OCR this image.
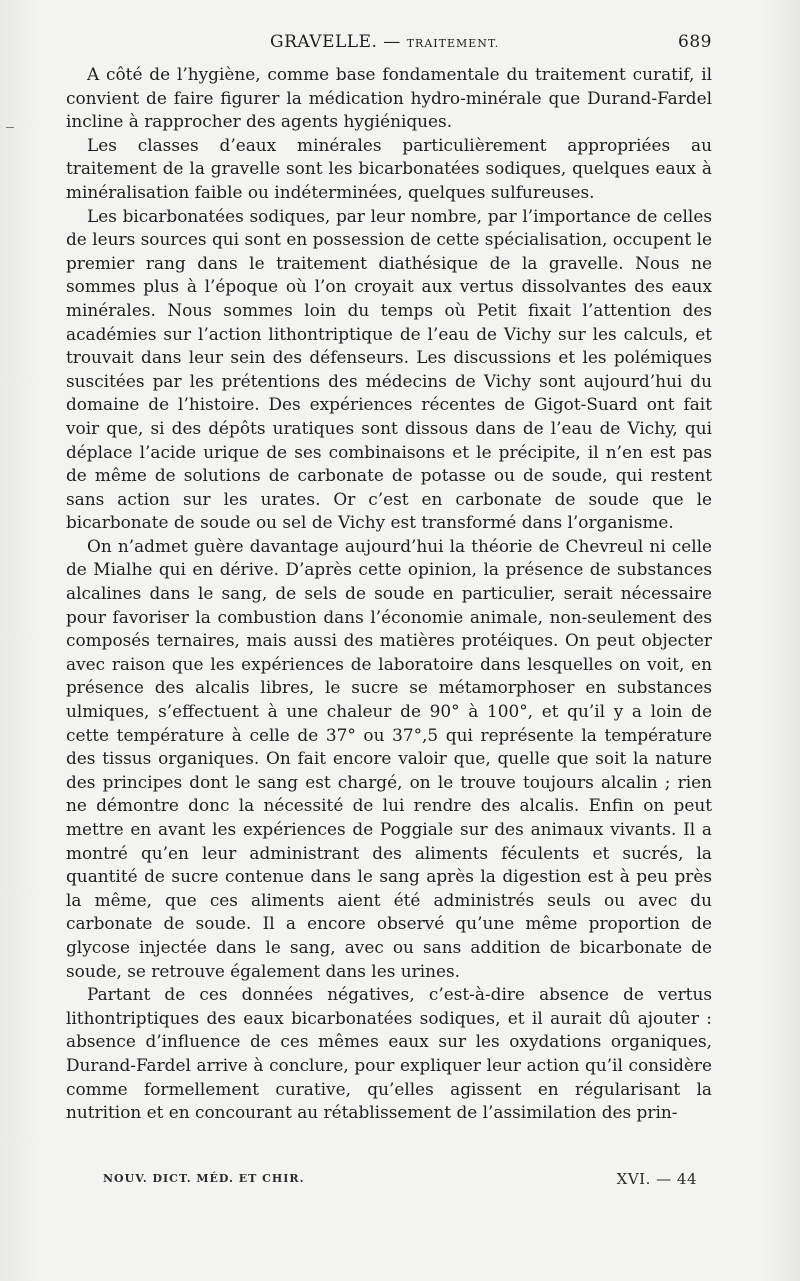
GRAVELLE. — TRAITEMENT.	689

A côté de l’hygiène, comme base fondamentale du traitement curatif, il convient de faire figurer la médication hydro-minérale que Durand-Fardel incline à rapprocher des agents hygiéniques.

Les classes d’eaux minérales particulièrement appropriées au traitement de la gravelle sont les bicarbonatées sodiques, quelques eaux à minéralisation faible ou indéterminées, quelques sulfureuses.

Les bicarbonatées sodiques, par leur nombre, par l’importance de celles de leurs sources qui sont en possession de cette spécialisation, occupent le premier rang dans le traitement diathésique de la gravelle. Nous ne sommes plus à l’époque où l’on croyait aux vertus dissolvantes des eaux minérales. Nous sommes loin du temps où Petit fixait l’attention des académies sur l’action lithontriptique de l’eau de Vichy sur les calculs, et trouvait dans leur sein des défenseurs. Les discussions et les polémiques suscitées par les prétentions des médecins de Vichy sont aujourd’hui du domaine de l’histoire. Des expériences récentes de Gigot-Suard ont fait voir que, si des dépôts uratiques sont dissous dans de l’eau de Vichy, qui déplace l’acide urique de ses combinaisons et le précipite, il n’en est pas de même de solutions de carbonate de potasse ou de soude, qui restent sans action sur les urates. Or c’est en carbonate de soude que le bicarbonate de soude ou sel de Vichy est transformé dans l’organisme.

On n’admet guère davantage aujourd’hui la théorie de Chevreul ni celle de Mialhe qui en dérive. D’après cette opinion, la présence de substances alcalines dans le sang, de sels de soude en particulier, serait nécessaire pour favoriser la combustion dans l’économie animale, non-seulement des composés ternaires, mais aussi des matières protéiques. On peut objecter avec raison que les expériences de laboratoire dans lesquelles on voit, en présence des alcalis libres, le sucre se métamorphoser en substances ulmiques, s’effectuent à une chaleur de 90° à 100°, et qu’il y a loin de cette température à celle de 37° ou 37°,5 qui représente la température des tissus organiques. On fait encore valoir que, quelle que soit la nature des principes dont le sang est chargé, on le trouve toujours alcalin ; rien ne démontre donc la nécessité de lui rendre des alcalis. Enfin on peut mettre en avant les expériences de Poggiale sur des animaux vivants. Il a montré qu’en leur administrant des aliments féculents et sucrés, la quantité de sucre contenue dans le sang après la digestion est à peu près la même, que ces aliments aient été administrés seuls ou avec du carbonate de soude. Il a encore observé qu’une même proportion de glycose injectée dans le sang, avec ou sans addition de bicarbonate de soude, se retrouve également dans les urines.

Partant de ces données négatives, c’est-à-dire absence de vertus lithontriptiques des eaux bicarbonatées sodiques, et il aurait dû ajouter : absence d’influence de ces mêmes eaux sur les oxydations organiques, Durand-Fardel arrive à conclure, pour expliquer leur action qu’il considère comme formellement curative, qu’elles agissent en régularisant la nutrition et en concourant au rétablissement de l’assimilation des prin-

NOUV. DICT. MÉD. ET CHIR.	XVI. — 44
